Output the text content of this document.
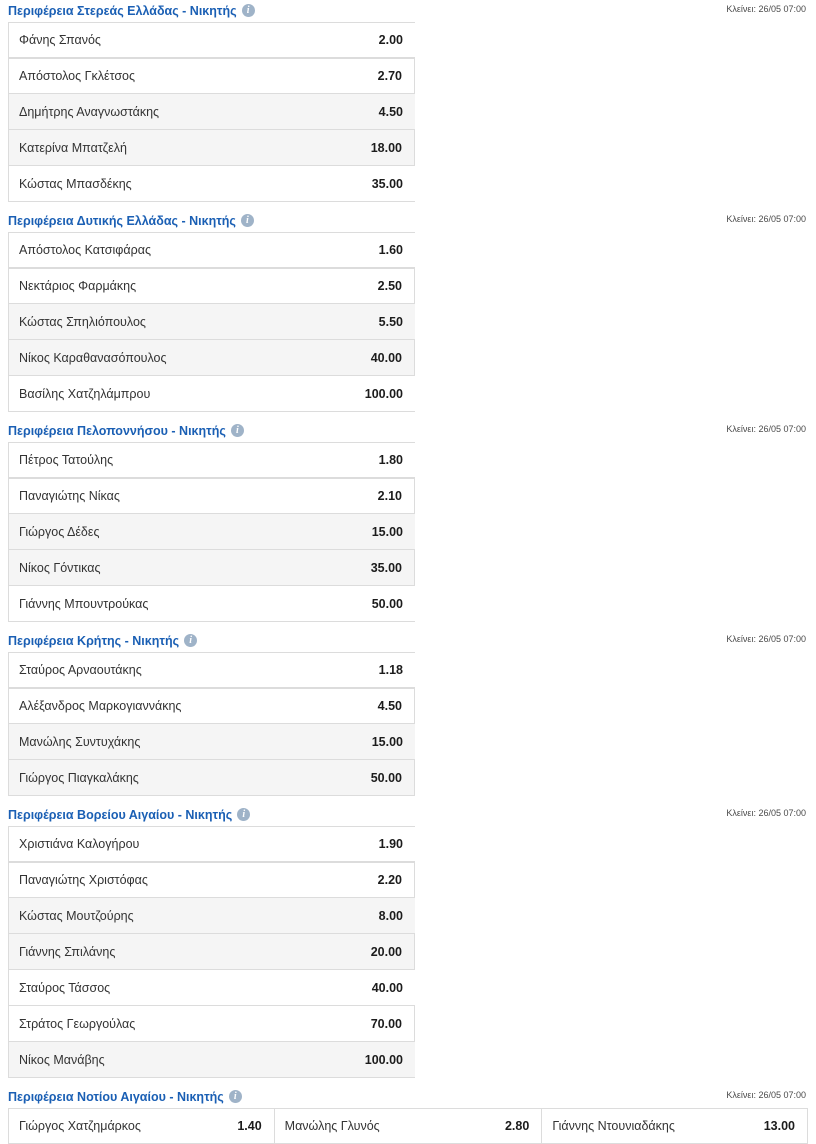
Περιφέρεια Στερεάς Ελλάδας - Νικητής i	Κλείνει: 26/05 07:00
Φάνης Σπανός	2.00
Απόστολος Γκλέτσος	2.70
Δημήτρης Αναγνωστάκης	4.50
Κατερίνα Μπατζελή	18.00
Κώστας Μπασδέκης	35.00
Περιφέρεια Δυτικής Ελλάδας - Νικητής i	Κλείνει: 26/05 07:00
Απόστολος Κατσιφάρας	1.60
Νεκτάριος Φαρμάκης	2.50
Κώστας Σπηλιόπουλος	5.50
Νίκος Καραθανασόπουλος	40.00
Βασίλης Χατζηλάμπρου	100.00
Περιφέρεια Πελοποννήσου - Νικητής i	Κλείνει: 26/05 07:00
Πέτρος Τατούλης	1.80
Παναγιώτης Νίκας	2.10
Γιώργος Δέδες	15.00
Νίκος Γόντικας	35.00
Γιάννης Μπουντρούκας	50.00
Περιφέρεια Κρήτης - Νικητής i	Κλείνει: 26/05 07:00
Σταύρος Αρναουτάκης	1.18
Αλέξανδρος Μαρκογιαννάκης	4.50
Μανώλης Συντυχάκης	15.00
Γιώργος Πιαγκαλάκης	50.00
Περιφέρεια Βορείου Αιγαίου - Νικητής i	Κλείνει: 26/05 07:00
Χριστιάνα Καλογήρου	1.90
Παναγιώτης Χριστόφας	2.20
Κώστας Μουτζούρης	8.00
Γιάννης Σπιλάνης	20.00
Σταύρος Τάσσος	40.00
Στράτος Γεωργούλας	70.00
Νίκος Μανάβης	100.00
Περιφέρεια Νοτίου Αιγαίου - Νικητής i	Κλείνει: 26/05 07:00
Γιώργος Χατζημάρκος	1.40 Μανώλης Γλυνός	2.80 Γιάννης Ντουνιαδάκης	13.00
